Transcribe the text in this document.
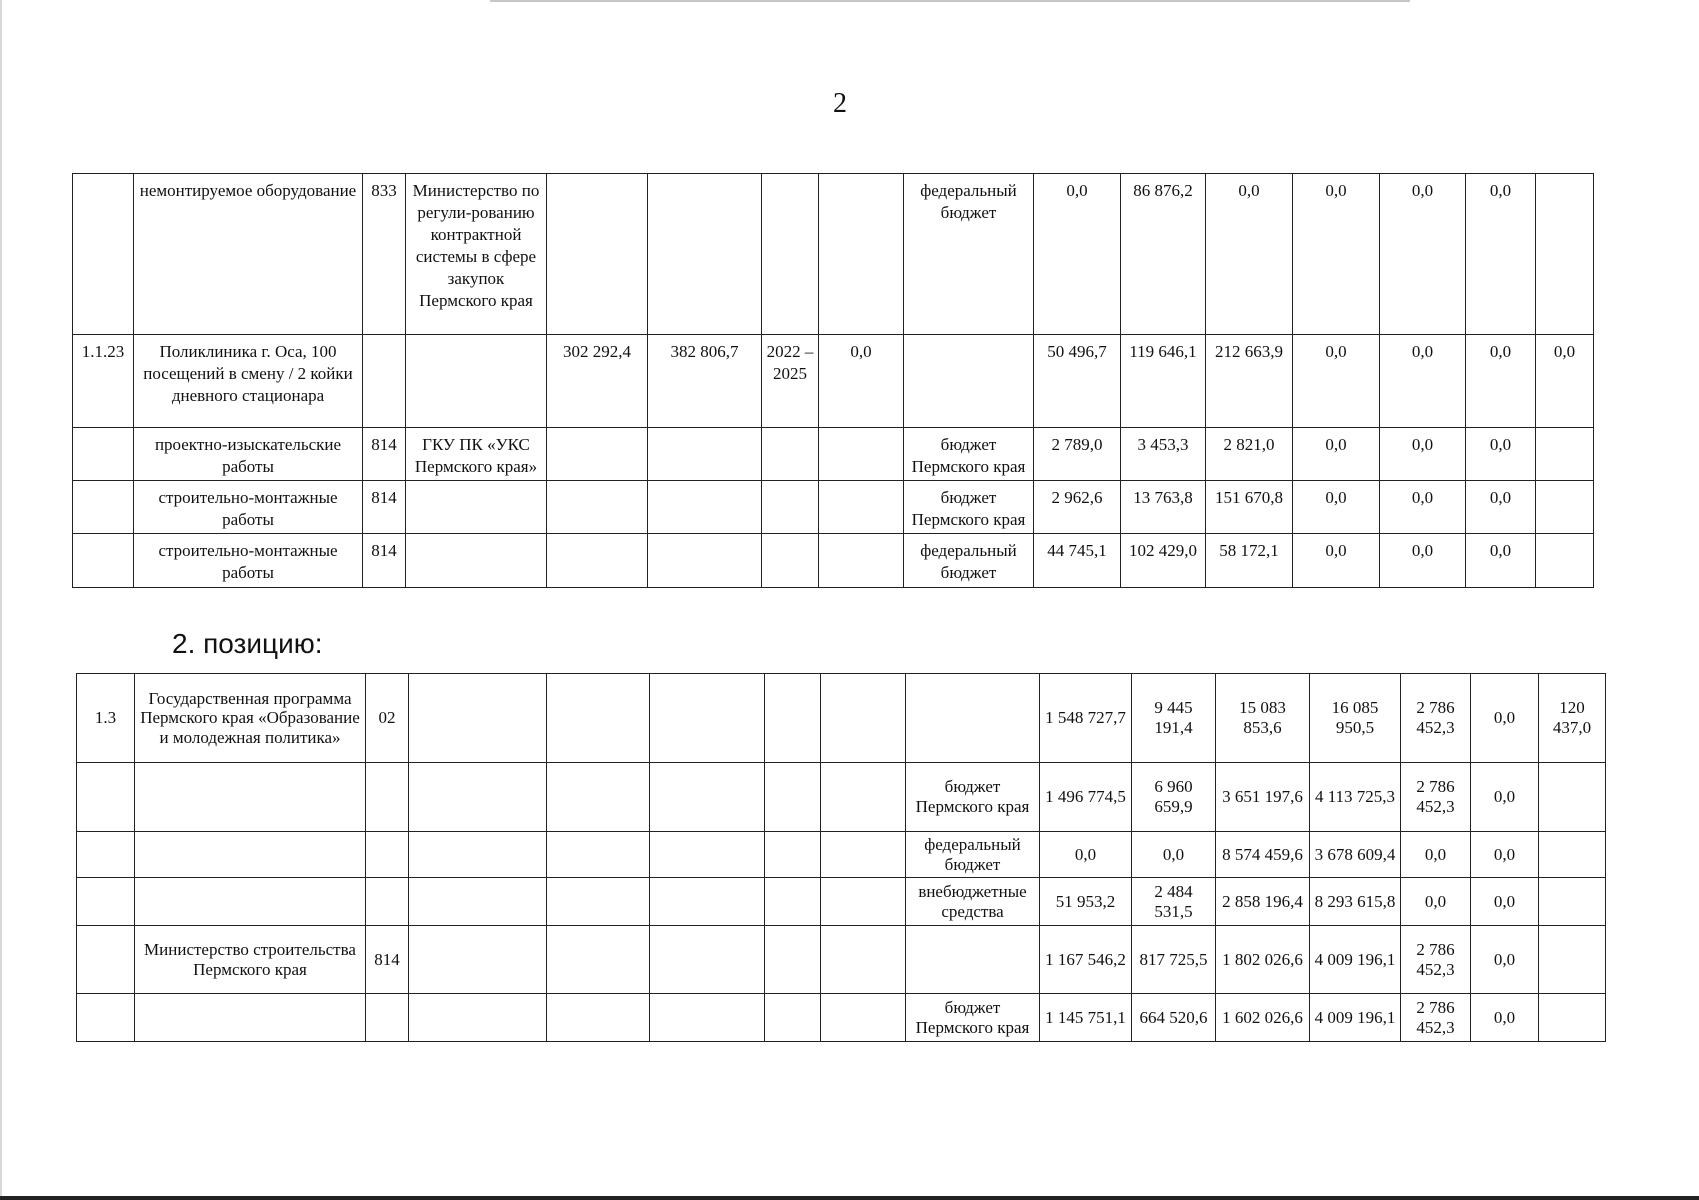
2
	немонтируемое оборудование	833	Министерство по регули-рованию контрактной системы в сфере закупок Пермского края					федеральный бюджет	0,0	86 876,2	0,0	0,0	0,0	0,0	
1.1.23	Поликлиника г. Оса, 100 посещений в смену / 2 койки дневного стационара			302 292,4	382 806,7	2022 – 2025	0,0		50 496,7	119 646,1	212 663,9	0,0	0,0	0,0	0,0
	проектно-изыскательские работы	814	ГКУ ПК «УКС Пермского края»					бюджет Пермского края	2 789,0	3 453,3	2 821,0	0,0	0,0	0,0	
	строительно-монтажные работы	814						бюджет Пермского края	2 962,6	13 763,8	151 670,8	0,0	0,0	0,0	
	строительно-монтажные работы	814						федеральный бюджет	44 745,1	102 429,0	58 172,1	0,0	0,0	0,0	
2. позицию:
1.3	Государственная программа Пермского края «Образование и молодежная политика»	02							1 548 727,7	9 445 191,4	15 083 853,6	16 085 950,5	2 786 452,3	0,0	120 437,0
								бюджет Пермского края	1 496 774,5	6 960 659,9	3 651 197,6	4 113 725,3	2 786 452,3	0,0	
								федеральный бюджет	0,0	0,0	8 574 459,6	3 678 609,4	0,0	0,0	
								внебюджетные средства	51 953,2	2 484 531,5	2 858 196,4	8 293 615,8	0,0	0,0	
	Министерство строительства Пермского края	814							1 167 546,2	817 725,5	1 802 026,6	4 009 196,1	2 786 452,3	0,0	
								бюджет Пермского края	1 145 751,1	664 520,6	1 602 026,6	4 009 196,1	2 786 452,3	0,0	
